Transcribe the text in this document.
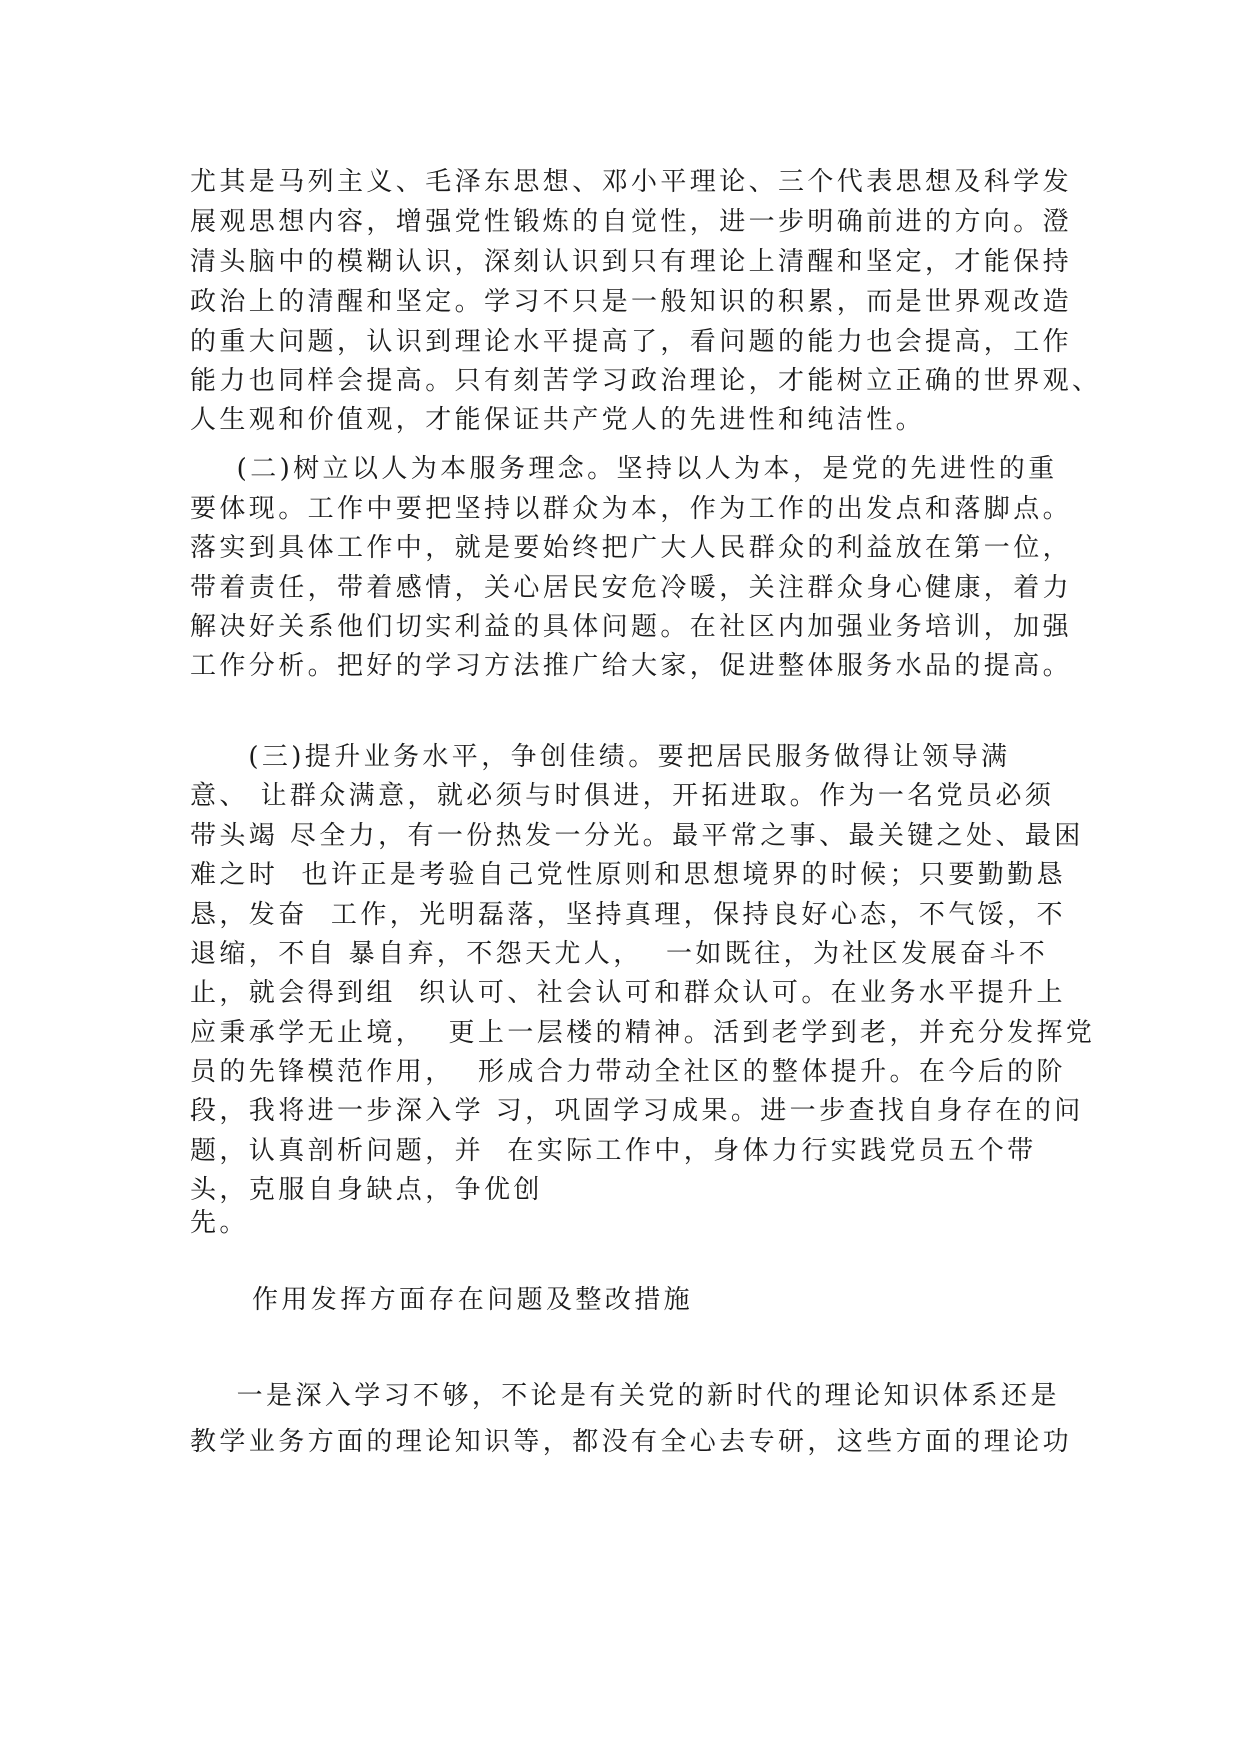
尤其是马列主义、毛泽东思想、邓小平理论、三个代表思想及科学发
展观思想内容，增强党性锻炼的自觉性，进一步明确前进的方向。澄
清头脑中的模糊认识，深刻认识到只有理论上清醒和坚定，才能保持
政治上的清醒和坚定。学习不只是一般知识的积累，而是世界观改造
的重大问题，认识到理论水平提高了，看问题的能力也会提高，工作
能力也同样会提高。只有刻苦学习政治理论，才能树立正确的世界观、
人生观和价值观，才能保证共产党人的先进性和纯洁性。
(二)树立以人为本服务理念。坚持以人为本，是党的先进性的重
要体现。工作中要把坚持以群众为本，作为工作的出发点和落脚点。
落实到具体工作中，就是要始终把广大人民群众的利益放在第一位，
带着责任，带着感情，关心居民安危冷暖，关注群众身心健康，着力
解决好关系他们切实利益的具体问题。在社区内加强业务培训，加强
工作分析。把好的学习方法推广给大家，促进整体服务水品的提高。
(三)提升业务水平，争创佳绩。要把居民服务做得让领导满
意、 让群众满意，就必须与时俱进，开拓进取。作为一名党员必须
带头竭 尽全力，有一份热发一分光。最平常之事、最关键之处、最困
难之时  也许正是考验自己党性原则和思想境界的时候；只要勤勤恳
恳，发奋  工作，光明磊落，坚持真理，保持良好心态，不气馁，不
退缩，不自 暴自弃，不怨天尤人，  一如既往，为社区发展奋斗不
止，就会得到组  织认可、社会认可和群众认可。在业务水平提升上
应秉承学无止境，  更上一层楼的精神。活到老学到老，并充分发挥党
员的先锋模范作用，  形成合力带动全社区的整体提升。在今后的阶
段，我将进一步深入学 习，巩固学习成果。进一步查找自身存在的问
题，认真剖析问题，并  在实际工作中，身体力行实践党员五个带
头，克服自身缺点，争优创
先。
作用发挥方面存在问题及整改措施
一是深入学习不够，不论是有关党的新时代的理论知识体系还是
教学业务方面的理论知识等，都没有全心去专研，这些方面的理论功
